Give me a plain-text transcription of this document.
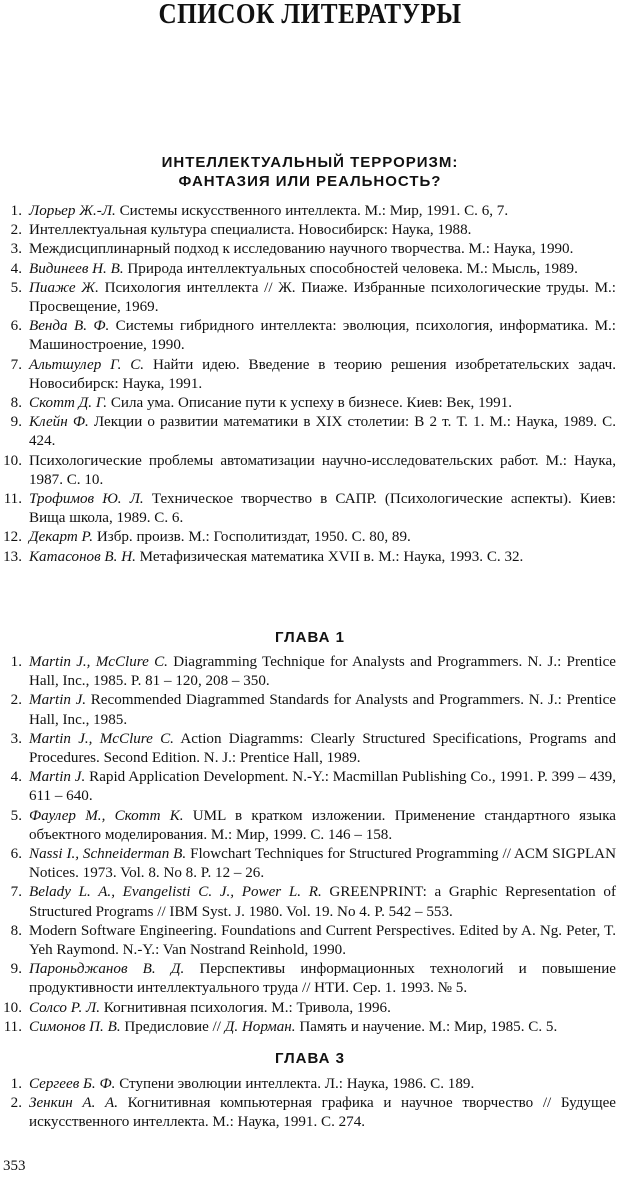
СПИСОК ЛИТЕРАТУРЫ
ИНТЕЛЛЕКТУАЛЬНЫЙ ТЕРРОРИЗМ:
ФАНТАЗИЯ ИЛИ РЕАЛЬНОСТЬ?
1. Лорьер Ж.-Л. Системы искусственного интеллекта. М.: Мир, 1991. С. 6, 7.
2. Интеллектуальная культура специалиста. Новосибирск: Наука, 1988.
3. Междисциплинарный подход к исследованию научного творчества. М.: Наука, 1990.
4. Видинеев Н. В. Природа интеллектуальных способностей человека. М.: Мысль, 1989.
5. Пиаже Ж. Психология интеллекта // Ж. Пиаже. Избранные психологические труды. М.: Просвещение, 1969.
6. Венда В. Ф. Системы гибридного интеллекта: эволюция, психология, информатика. М.: Машиностроение, 1990.
7. Альтшулер Г. С. Найти идею. Введение в теорию решения изобретательских задач. Новосибирск: Наука, 1991.
8. Скотт Д. Г. Сила ума. Описание пути к успеху в бизнесе. Киев: Век, 1991.
9. Клейн Ф. Лекции о развитии математики в XIX столетии: В 2 т. Т. 1. М.: Наука, 1989. С. 424.
10. Психологические проблемы автоматизации научно-исследовательских работ. М.: Наука, 1987. С. 10.
11. Трофимов Ю. Л. Техническое творчество в САПР. (Психологические аспекты). Киев: Вища школа, 1989. С. 6.
12. Декарт Р. Избр. произв. М.: Госполитиздат, 1950. С. 80, 89.
13. Катасонов В. Н. Метафизическая математика XVII в. М.: Наука, 1993. С. 32.
ГЛАВА 1
1. Martin J., McClure C. Diagramming Technique for Analysts and Programmers. N. J.: Prentice Hall, Inc., 1985. P. 81 – 120, 208 – 350.
2. Martin J. Recommended Diagrammed Standards for Analysts and Programmers. N. J.: Prentice Hall, Inc., 1985.
3. Martin J., McClure C. Action Diagramms: Clearly Structured Specifications, Programs and Procedures. Second Edition. N. J.: Prentice Hall, 1989.
4. Martin J. Rapid Application Development. N.-Y.: Macmillan Publishing Co., 1991. P. 399 – 439, 611 – 640.
5. Фаулер М., Скотт К. UML в кратком изложении. Применение стандартного языка объектного моделирования. М.: Мир, 1999. С. 146 – 158.
6. Nassi I., Schneiderman B. Flowchart Techniques for Structured Programming // ACM SIGPLAN Notices. 1973. Vol. 8. No 8. P. 12 – 26.
7. Belady L. A., Evangelisti C. J., Power L. R. GREENPRINT: a Graphic Representation of Structured Programs // IBM Syst. J. 1980. Vol. 19. No 4. P. 542 – 553.
8. Modern Software Engineering. Foundations and Current Perspectives. Edited by A. Ng. Peter, T. Yeh Raymond. N.-Y.: Van Nostrand Reinhold, 1990.
9. Пароньджанов В. Д. Перспективы информационных технологий и повышение продуктивности интеллектуального труда // НТИ. Сер. 1. 1993. № 5.
10. Солсо Р. Л. Когнитивная психология. М.: Тривола, 1996.
11. Симонов П. В. Предисловие // Д. Норман. Память и научение. М.: Мир, 1985. С. 5.
ГЛАВА 3
1. Сергеев Б. Ф. Ступени эволюции интеллекта. Л.: Наука, 1986. С. 189.
2. Зенкин А. А. Когнитивная компьютерная графика и научное творчество // Будущее искусственного интеллекта. М.: Наука, 1991. С. 274.
353
